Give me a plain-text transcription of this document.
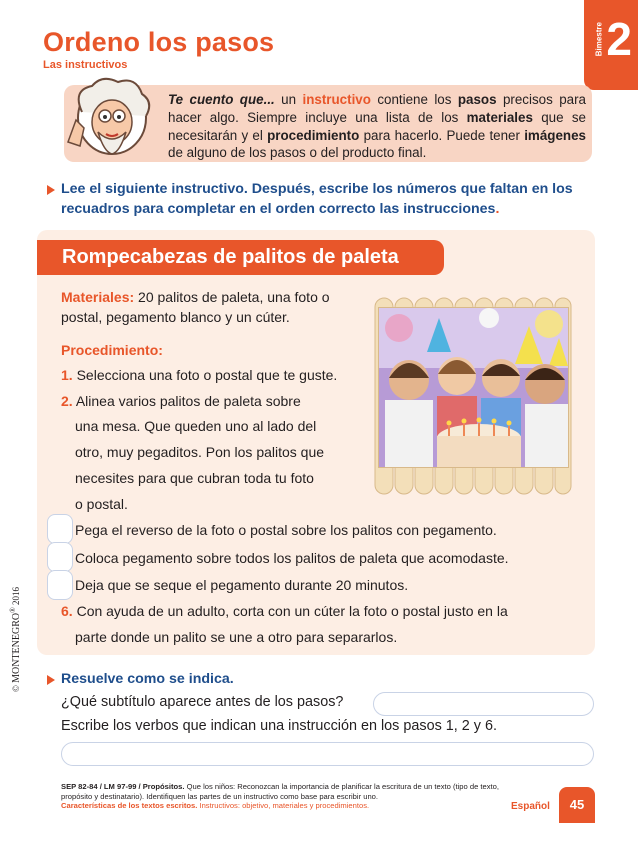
Ordeno los pasos
Las instructivos
Bimestre 2
Te cuento que... un instructivo contiene los pasos precisos para hacer algo. Siempre incluye una lista de los materiales que se necesitarán y el procedimiento para hacerlo. Puede tener imágenes de alguno de los pasos o del producto final.
Lee el siguiente instructivo. Después, escribe los números que faltan en los recuadros para completar en el orden correcto las instrucciones.
Rompecabezas de palitos de paleta
Materiales: 20 palitos de paleta, una foto o postal, pegamento blanco y un cúter.
Procedimiento:
1. Selecciona una foto o postal que te guste.
2. Alinea varios palitos de paleta sobre
una mesa. Que queden uno al lado del
otro, muy pegaditos. Pon los palitos que
necesites para que cubran toda tu foto
o postal.
Pega el reverso de la foto o postal sobre los palitos con pegamento.
Coloca pegamento sobre todos los palitos de paleta que acomodaste.
Deja que se seque el pegamento durante 20 minutos.
6. Con ayuda de un adulto, corta con un cúter la foto o postal justo en la
parte donde un palito se une a otro para separarlos.
Resuelve como se indica.
¿Qué subtítulo aparece antes de los pasos?
Escribe los verbos que indican una instrucción en los pasos 1, 2 y 6.
© MONTENEGRO® 2016
SEP 82-84 / LM 97-99 / Propósitos. Que los niños: Reconozcan la importancia de planificar la escritura de un texto (tipo de texto, propósito y destinatario). Identifiquen las partes de un instructivo como base para escribir uno.
Características de los textos escritos. Instructivos: objetivo, materiales y procedimientos.	Español	45
